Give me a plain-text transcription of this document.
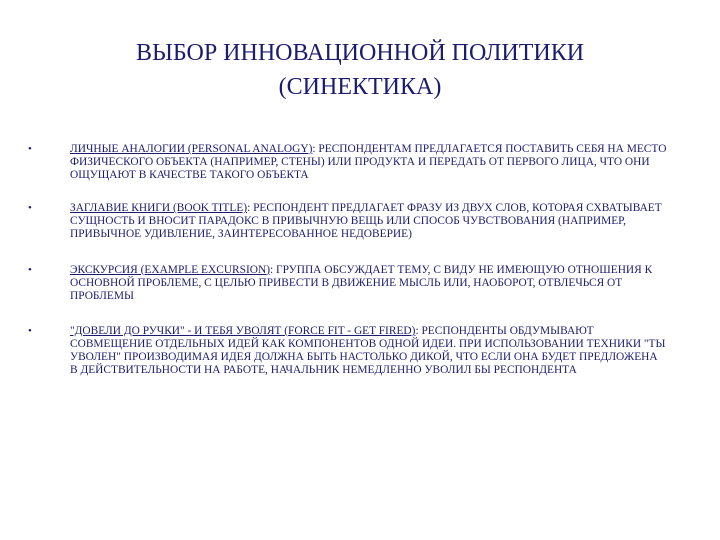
ВЫБОР ИННОВАЦИОННОЙ ПОЛИТИКИ
(СИНЕКТИКА)
•	ЛИЧНЫЕ АНАЛОГИИ (PERSONAL ANALOGY): РЕСПОНДЕНТАМ ПРЕДЛАГАЕТСЯ ПОСТАВИТЬ СЕБЯ НА МЕСТО ФИЗИЧЕСКОГО ОБЪЕКТА (НАПРИМЕР, СТЕНЫ) ИЛИ ПРОДУКТА И ПЕРЕДАТЬ ОТ ПЕРВОГО ЛИЦА, ЧТО ОНИ ОЩУЩАЮТ В КАЧЕСТВЕ ТАКОГО ОБЪЕКТА
•	ЗАГЛАВИЕ КНИГИ (BOOK TITLE): РЕСПОНДЕНТ ПРЕДЛАГАЕТ ФРАЗУ ИЗ ДВУХ СЛОВ, КОТОРАЯ СХВАТЫВАЕТ СУЩНОСТЬ И ВНОСИТ ПАРАДОКС В ПРИВЫЧНУЮ ВЕЩЬ ИЛИ СПОСОБ ЧУВСТВОВАНИЯ (НАПРИМЕР, ПРИВЫЧНОЕ УДИВЛЕНИЕ, ЗАИНТЕРЕСОВАННОЕ НЕДОВЕРИЕ)
•	ЭКСКУРСИЯ (EXAMPLE EXCURSION): ГРУППА ОБСУЖДАЕТ ТЕМУ, С ВИДУ НЕ ИМЕЮЩУЮ ОТНОШЕНИЯ К ОСНОВНОЙ ПРОБЛЕМЕ, С ЦЕЛЬЮ ПРИВЕСТИ В ДВИЖЕНИЕ МЫСЛЬ ИЛИ, НАОБОРОТ, ОТВЛЕЧЬСЯ ОТ ПРОБЛЕМЫ
•	"ДОВЕЛИ ДО РУЧКИ" - И ТЕБЯ УВОЛЯТ (FORCE FIT - GET FIRED): РЕСПОНДЕНТЫ ОБДУМЫВАЮТ СОВМЕЩЕНИЕ ОТДЕЛЬНЫХ ИДЕЙ КАК КОМПОНЕНТОВ ОДНОЙ ИДЕИ. ПРИ ИСПОЛЬЗОВАНИИ ТЕХНИКИ "ТЫ УВОЛЕН" ПРОИЗВОДИМАЯ ИДЕЯ ДОЛЖНА БЫТЬ НАСТОЛЬКО ДИКОЙ, ЧТО ЕСЛИ ОНА БУДЕТ ПРЕДЛОЖЕНА В ДЕЙСТВИТЕЛЬНОСТИ НА РАБОТЕ, НАЧАЛЬНИК НЕМЕДЛЕННО УВОЛИЛ БЫ РЕСПОНДЕНТА
